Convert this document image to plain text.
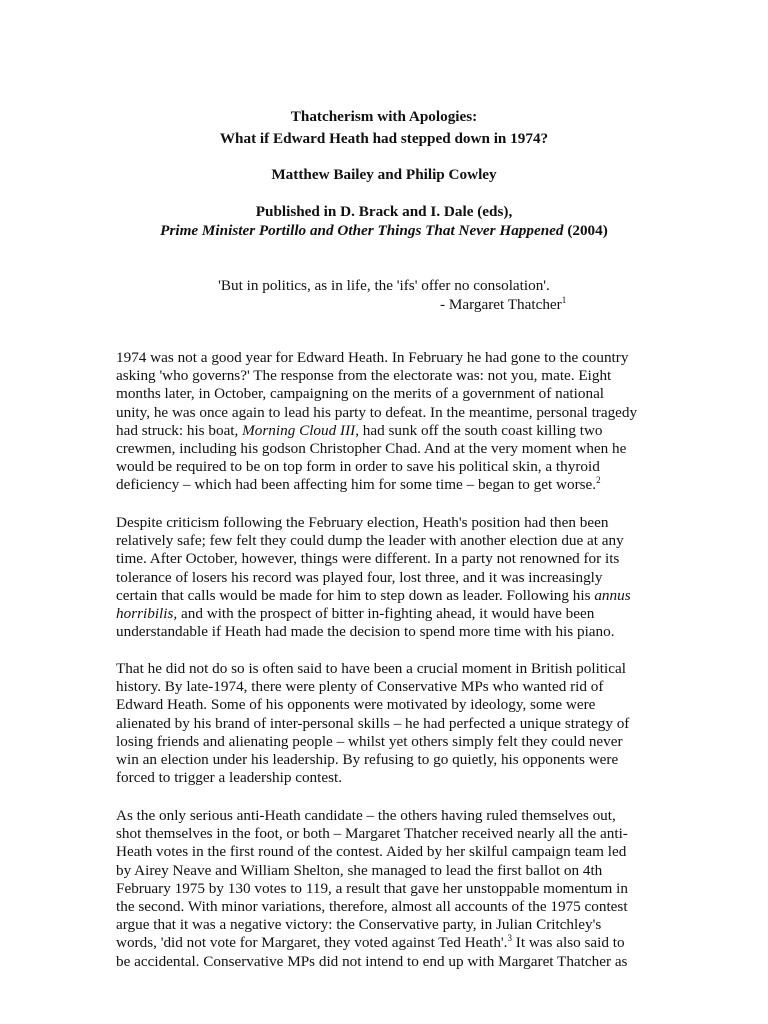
Thatcherism with Apologies:
What if Edward Heath had stepped down in 1974?
Matthew Bailey and Philip Cowley
Published in D. Brack and I. Dale (eds),
Prime Minister Portillo and Other Things That Never Happened (2004)
'But in politics, as in life, the 'ifs' offer no consolation'.
- Margaret Thatcher$^1$
1974 was not a good year for Edward Heath. In February he had gone to the country
asking 'who governs?' The response from the electorate was: not you, mate. Eight
months later, in October, campaigning on the merits of a government of national
unity, he was once again to lead his party to defeat. In the meantime, personal tragedy
had struck: his boat, Morning Cloud III, had sunk off the south coast killing two
crewmen, including his godson Christopher Chad. And at the very moment when he
would be required to be on top form in order to save his political skin, a thyroid
deficiency – which had been affecting him for some time – began to get worse.$^2$
Despite criticism following the February election, Heath's position had then been
relatively safe; few felt they could dump the leader with another election due at any
time. After October, however, things were different. In a party not renowned for its
tolerance of losers his record was played four, lost three, and it was increasingly
certain that calls would be made for him to step down as leader. Following his annus
horribilis, and with the prospect of bitter in-fighting ahead, it would have been
understandable if Heath had made the decision to spend more time with his piano.
That he did not do so is often said to have been a crucial moment in British political
history. By late-1974, there were plenty of Conservative MPs who wanted rid of
Edward Heath. Some of his opponents were motivated by ideology, some were
alienated by his brand of inter-personal skills – he had perfected a unique strategy of
losing friends and alienating people – whilst yet others simply felt they could never
win an election under his leadership. By refusing to go quietly, his opponents were
forced to trigger a leadership contest.
As the only serious anti-Heath candidate – the others having ruled themselves out,
shot themselves in the foot, or both – Margaret Thatcher received nearly all the anti-
Heath votes in the first round of the contest. Aided by her skilful campaign team led
by Airey Neave and William Shelton, she managed to lead the first ballot on 4th
February 1975 by 130 votes to 119, a result that gave her unstoppable momentum in
the second. With minor variations, therefore, almost all accounts of the 1975 contest
argue that it was a negative victory: the Conservative party, in Julian Critchley's
words, 'did not vote for Margaret, they voted against Ted Heath'.$^3$ It was also said to
be accidental. Conservative MPs did not intend to end up with Margaret Thatcher as
